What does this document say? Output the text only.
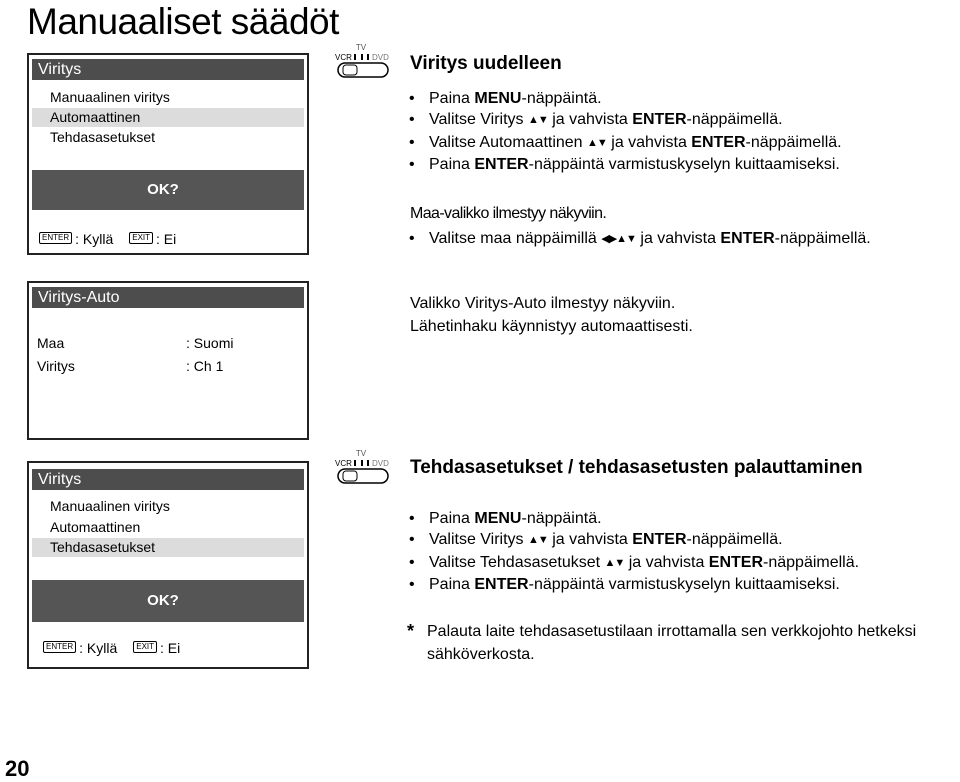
Manuaaliset säädöt
Viritys
Manuaalinen viritys
Automaattinen
Tehdasasetukset
OK?
ENTER : Kyllä	EXIT : Ei
Viritys-Auto
Maa	: Suomi
Viritys	: Ch 1
Viritys
Manuaalinen viritys
Automaattinen
Tehdasasetukset
OK?
ENTER : Kyllä	EXIT : Ei
TV
VCR	DVD
TV
VCR	DVD
Viritys uudelleen
• Paina MENU-näppäintä.
• Valitse Viritys ▲▼ ja vahvista ENTER-näppäimellä.
• Valitse Automaattinen ▲▼ ja vahvista ENTER-näppäimellä.
• Paina ENTER-näppäintä varmistuskyselyn kuittaamiseksi.
Maa-valikko ilmestyy näkyviin.
• Valitse maa näppäimillä ◀▶▲▼ ja vahvista ENTER-näppäimellä.
Valikko Viritys-Auto ilmestyy näkyviin.
Lähetinhaku käynnistyy automaattisesti.
Tehdasasetukset / tehdasasetusten palauttaminen
• Paina MENU-näppäintä.
• Valitse Viritys ▲▼ ja vahvista ENTER-näppäimellä.
• Valitse Tehdasasetukset ▲▼ ja vahvista ENTER-näppäimellä.
• Paina ENTER-näppäintä varmistuskyselyn kuittaamiseksi.
* Palauta laite tehdasasetustilaan irrottamalla sen verkkojohto hetkeksi sähköverkosta.
20
